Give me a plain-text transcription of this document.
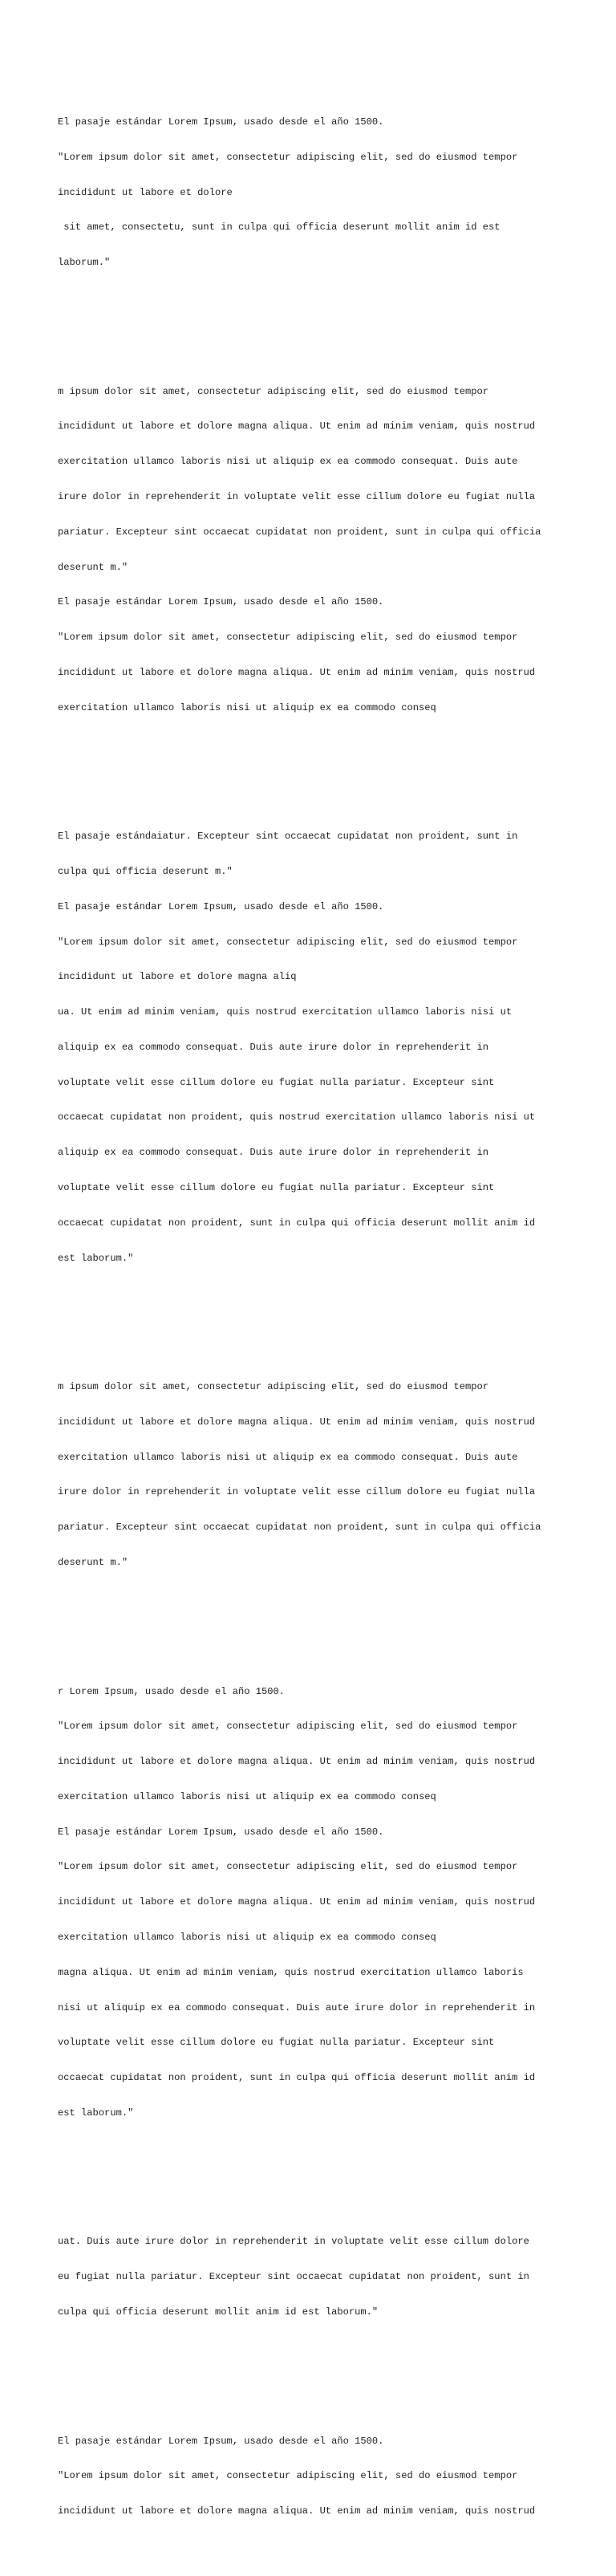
El pasaje estándar Lorem Ipsum, usado desde el año 1500.

"Lorem ipsum dolor sit amet, consectetur adipiscing elit, sed do eiusmod tempor

incididunt ut labore et dolore

sit amet, consectetu, sunt in culpa qui officia deserunt mollit anim id est

laborum."

m ipsum dolor sit amet, consectetur adipiscing elit, sed do eiusmod tempor

incididunt ut labore et dolore magna aliqua. Ut enim ad minim veniam, quis nostrud

exercitation ullamco laboris nisi ut aliquip ex ea commodo consequat. Duis aute

irure dolor in reprehenderit in voluptate velit esse cillum dolore eu fugiat nulla

pariatur. Excepteur sint occaecat cupidatat non proident, sunt in culpa qui officia

deserunt m."

El pasaje estándar Lorem Ipsum, usado desde el año 1500.

"Lorem ipsum dolor sit amet, consectetur adipiscing elit, sed do eiusmod tempor

incididunt ut labore et dolore magna aliqua. Ut enim ad minim veniam, quis nostrud

exercitation ullamco laboris nisi ut aliquip ex ea commodo conseq

El pasaje estándaiatur. Excepteur sint occaecat cupidatat non proident, sunt in

culpa qui officia deserunt m."

El pasaje estándar Lorem Ipsum, usado desde el año 1500.

"Lorem ipsum dolor sit amet, consectetur adipiscing elit, sed do eiusmod tempor

incididunt ut labore et dolore magna aliq

ua. Ut enim ad minim veniam, quis nostrud exercitation ullamco laboris nisi ut

aliquip ex ea commodo consequat. Duis aute irure dolor in reprehenderit in

voluptate velit esse cillum dolore eu fugiat nulla pariatur. Excepteur sint

occaecat cupidatat non proident, quis nostrud exercitation ullamco laboris nisi ut

aliquip ex ea commodo consequat. Duis aute irure dolor in reprehenderit in

voluptate velit esse cillum dolore eu fugiat nulla pariatur. Excepteur sint

occaecat cupidatat non proident, sunt in culpa qui officia deserunt mollit anim id

est laborum."

m ipsum dolor sit amet, consectetur adipiscing elit, sed do eiusmod tempor

incididunt ut labore et dolore magna aliqua. Ut enim ad minim veniam, quis nostrud

exercitation ullamco laboris nisi ut aliquip ex ea commodo consequat. Duis aute

irure dolor in reprehenderit in voluptate velit esse cillum dolore eu fugiat nulla

pariatur. Excepteur sint occaecat cupidatat non proident, sunt in culpa qui officia

deserunt m."

r Lorem Ipsum, usado desde el año 1500.

"Lorem ipsum dolor sit amet, consectetur adipiscing elit, sed do eiusmod tempor

incididunt ut labore et dolore magna aliqua. Ut enim ad minim veniam, quis nostrud

exercitation ullamco laboris nisi ut aliquip ex ea commodo conseq

El pasaje estándar Lorem Ipsum, usado desde el año 1500.

"Lorem ipsum dolor sit amet, consectetur adipiscing elit, sed do eiusmod tempor

incididunt ut labore et dolore magna aliqua. Ut enim ad minim veniam, quis nostrud

exercitation ullamco laboris nisi ut aliquip ex ea commodo conseq

magna aliqua. Ut enim ad minim veniam, quis nostrud exercitation ullamco laboris

nisi ut aliquip ex ea commodo consequat. Duis aute irure dolor in reprehenderit in

voluptate velit esse cillum dolore eu fugiat nulla pariatur. Excepteur sint

occaecat cupidatat non proident, sunt in culpa qui officia deserunt mollit anim id

est laborum."

uat. Duis aute irure dolor in reprehenderit in voluptate velit esse cillum dolore

eu fugiat nulla pariatur. Excepteur sint occaecat cupidatat non proident, sunt in

culpa qui officia deserunt mollit anim id est laborum."

El pasaje estándar Lorem Ipsum, usado desde el año 1500.

"Lorem ipsum dolor sit amet, consectetur adipiscing elit, sed do eiusmod tempor

incididunt ut labore et dolore magna aliqua. Ut enim ad minim veniam, quis nostrud
